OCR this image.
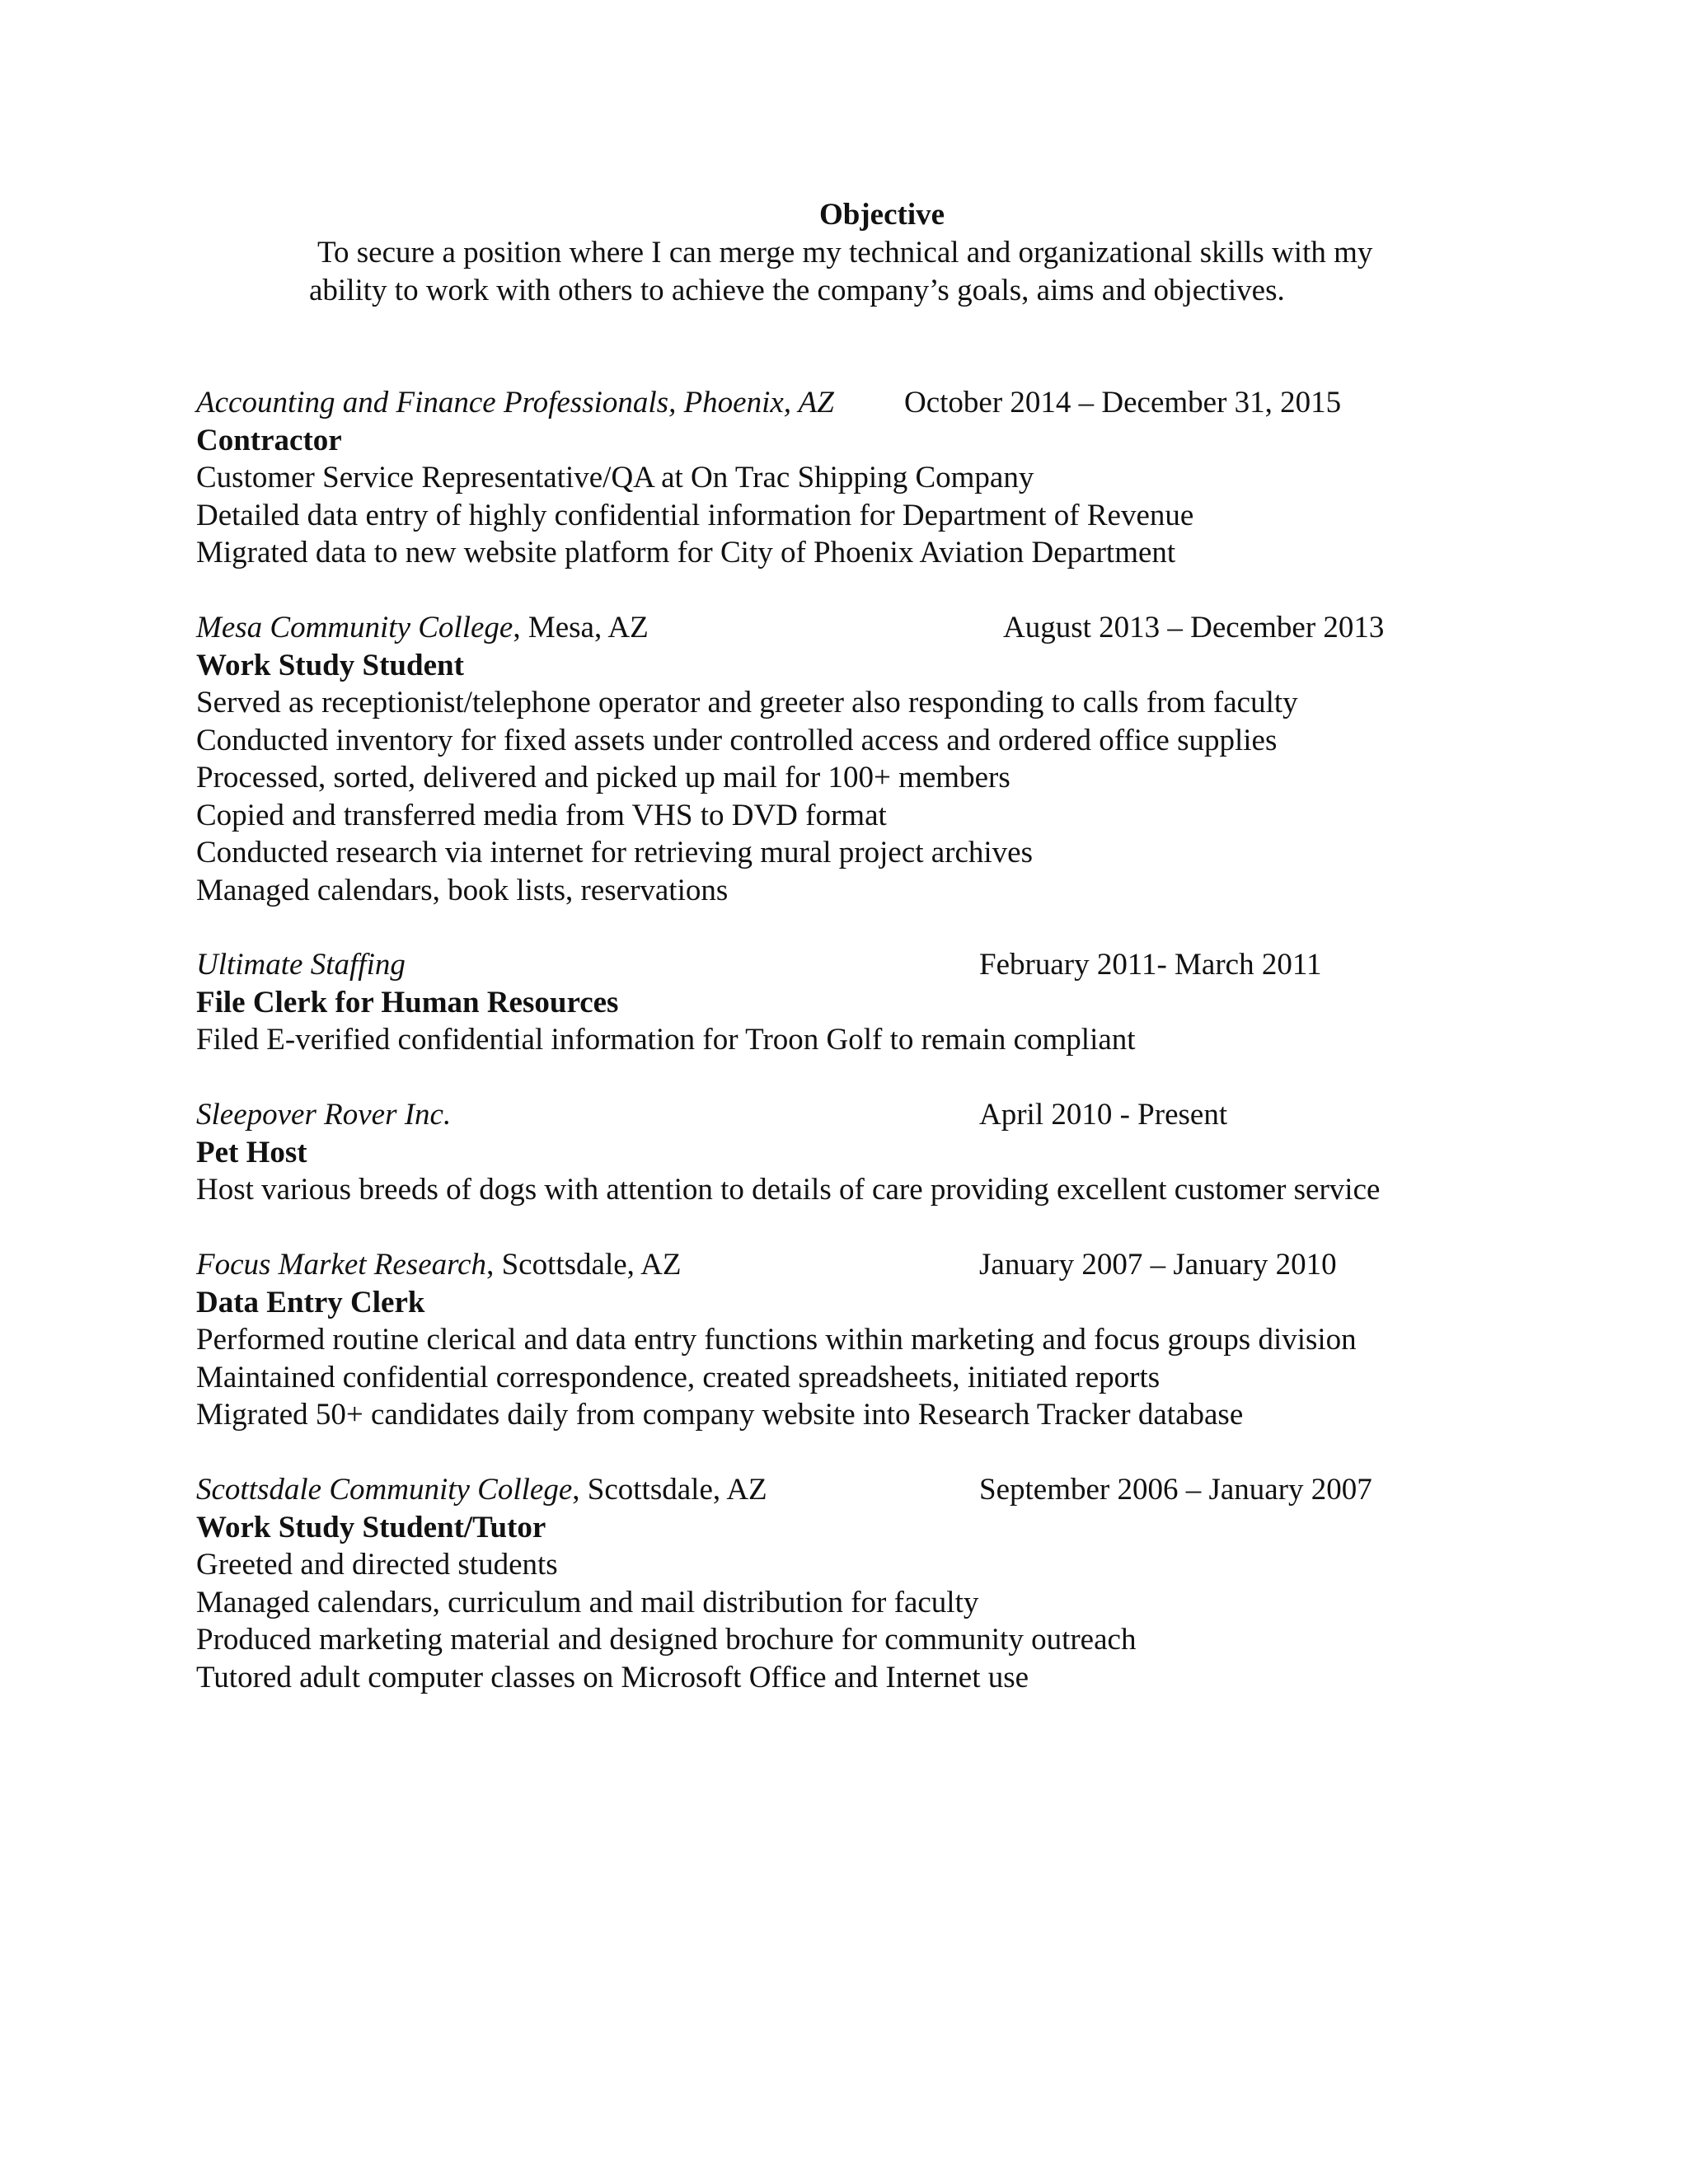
Objective
To secure a position where I can merge my technical and organizational skills with my
ability to work with others to achieve the company’s goals, aims and objectives.
Accounting and Finance Professionals, Phoenix, AZ October 2014 – December 31, 2015
Contractor
Customer Service Representative/QA at On Trac Shipping Company
Detailed data entry of highly confidential information for Department of Revenue
Migrated data to new website platform for City of Phoenix Aviation Department
Mesa Community College, Mesa, AZ	August 2013 – December 2013
Work Study Student
Served as receptionist/telephone operator and greeter also responding to calls from faculty
Conducted inventory for fixed assets under controlled access and ordered office supplies
Processed, sorted, delivered and picked up mail for 100+ members
Copied and transferred media from VHS to DVD format
Conducted research via internet for retrieving mural project archives
Managed calendars, book lists, reservations
Ultimate Staffing	February 2011- March 2011
File Clerk for Human Resources
Filed E-verified confidential information for Troon Golf to remain compliant
Sleepover Rover Inc.	April 2010 - Present
Pet Host
Host various breeds of dogs with attention to details of care providing excellent customer service
Focus Market Research, Scottsdale, AZ	January 2007 – January 2010
Data Entry Clerk
Performed routine clerical and data entry functions within marketing and focus groups division
Maintained confidential correspondence, created spreadsheets, initiated reports
Migrated 50+ candidates daily from company website into Research Tracker database
Scottsdale Community College, Scottsdale, AZ	September 2006 – January 2007
Work Study Student/Tutor
Greeted and directed students
Managed calendars, curriculum and mail distribution for faculty
Produced marketing material and designed brochure for community outreach
Tutored adult computer classes on Microsoft Office and Internet use
